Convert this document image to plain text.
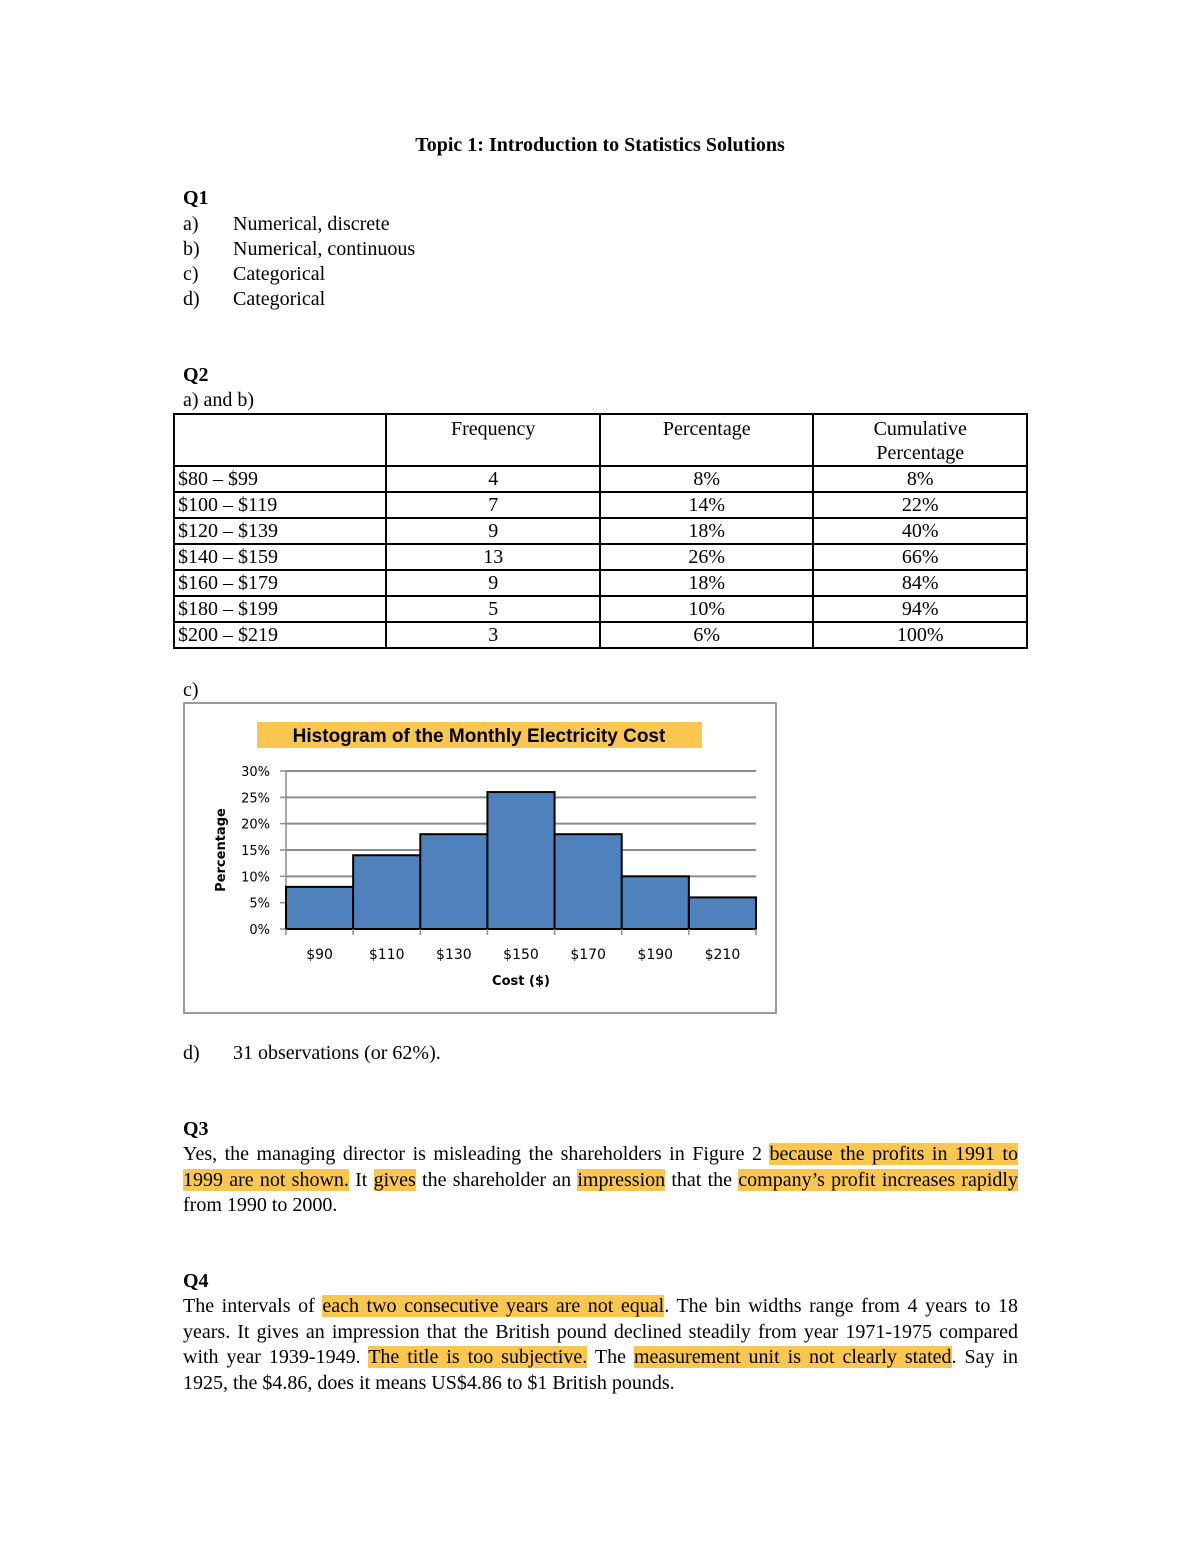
Topic 1: Introduction to Statistics Solutions
Q1
a) Numerical, discrete
b) Numerical, continuous
c) Categorical
d) Categorical
Q2
a) and b)
	Frequency	Percentage	Cumulative Percentage
$80 – $99	4	8%	8%
$100 – $119	7	14%	22%
$120 – $139	9	18%	40%
$140 – $159	13	26%	66%
$160 – $179	9	18%	84%
$180 – $199	5	10%	94%
$200 – $219	3	6%	100%
c)
Histogram of the Monthly Electricity Cost
0%
5%
10%
15%
20%
25%
30%
$90	$110 $130 $150 $170 $190 $210
Cost ($)
Percentage
d) 31 observations (or 62%).
Q3
Yes, the managing director is misleading the shareholders in Figure 2 because the profits in 1991 to 1999 are not shown. It gives the shareholder an impression that the company’s profit increases rapidly from 1990 to 2000.
Q4
The intervals of each two consecutive years are not equal. The bin widths range from 4 years to 18 years. It gives an impression that the British pound declined steadily from year 1971-1975 compared with year 1939-1949. The title is too subjective. The measurement unit is not clearly stated. Say in 1925, the $4.86, does it means US$4.86 to $1 British pounds.
